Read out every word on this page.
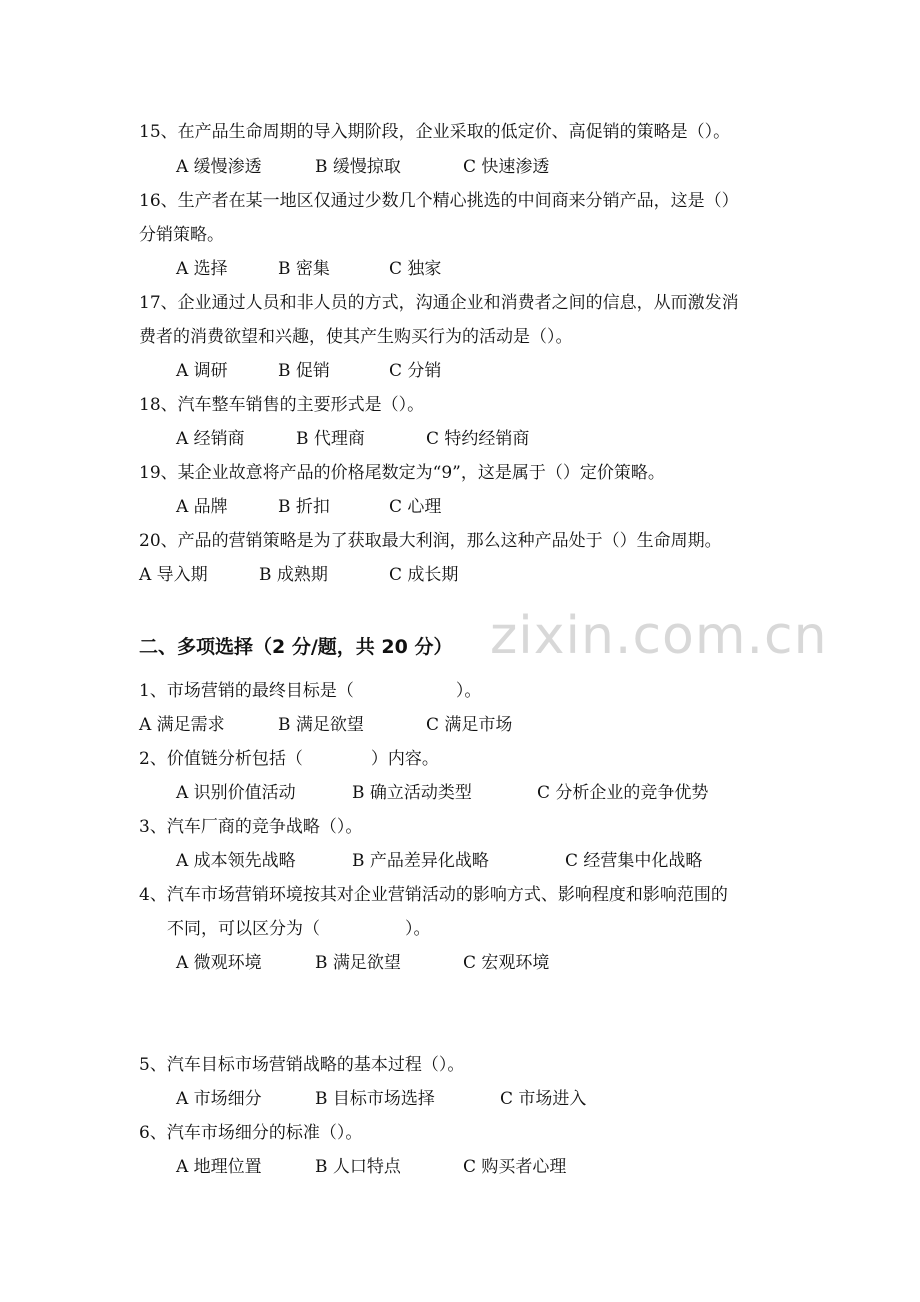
zixin.com.cn
15、在产品生命周期的导入期阶段，企业采取的低定价、高促销的策略是（）。
A 缓慢渗透	B 缓慢掠取	C 快速渗透
16、生产者在某一地区仅通过少数几个精心挑选的中间商来分销产品，这是（）
分销策略。
A 选择	B 密集	C 独家
17、企业通过人员和非人员的方式，沟通企业和消费者之间的信息，从而激发消
费者的消费欲望和兴趣，使其产生购买行为的活动是（）。
A 调研	B 促销	C 分销
18、汽车整车销售的主要形式是（）。
A 经销商	B 代理商	C 特约经销商
19、某企业故意将产品的价格尾数定为“9”，这是属于（）定价策略。
A 品牌	B 折扣	C 心理
20、产品的营销策略是为了获取最大利润，那么这种产品处于（）生命周期。
A 导入期	B 成熟期	C 成长期
二、多项选择（2 分/题，共 20 分）
1、市场营销的最终目标是（　　　　　　）。
A 满足需求	B 满足欲望	C 满足市场
2、价值链分析包括（　　　　）内容。
A 识别价值活动	B 确立活动类型	C 分析企业的竞争优势
3、汽车厂商的竞争战略（）。
A 成本领先战略	B 产品差异化战略	C 经营集中化战略
4、汽车市场营销环境按其对企业营销活动的影响方式、影响程度和影响范围的
不同，可以区分为（　　　　　）。
A 微观环境	B 满足欲望	C 宏观环境
5、汽车目标市场营销战略的基本过程（）。
A 市场细分	B 目标市场选择	C 市场进入
6、汽车市场细分的标准（）。
A 地理位置	B 人口特点	C 购买者心理
